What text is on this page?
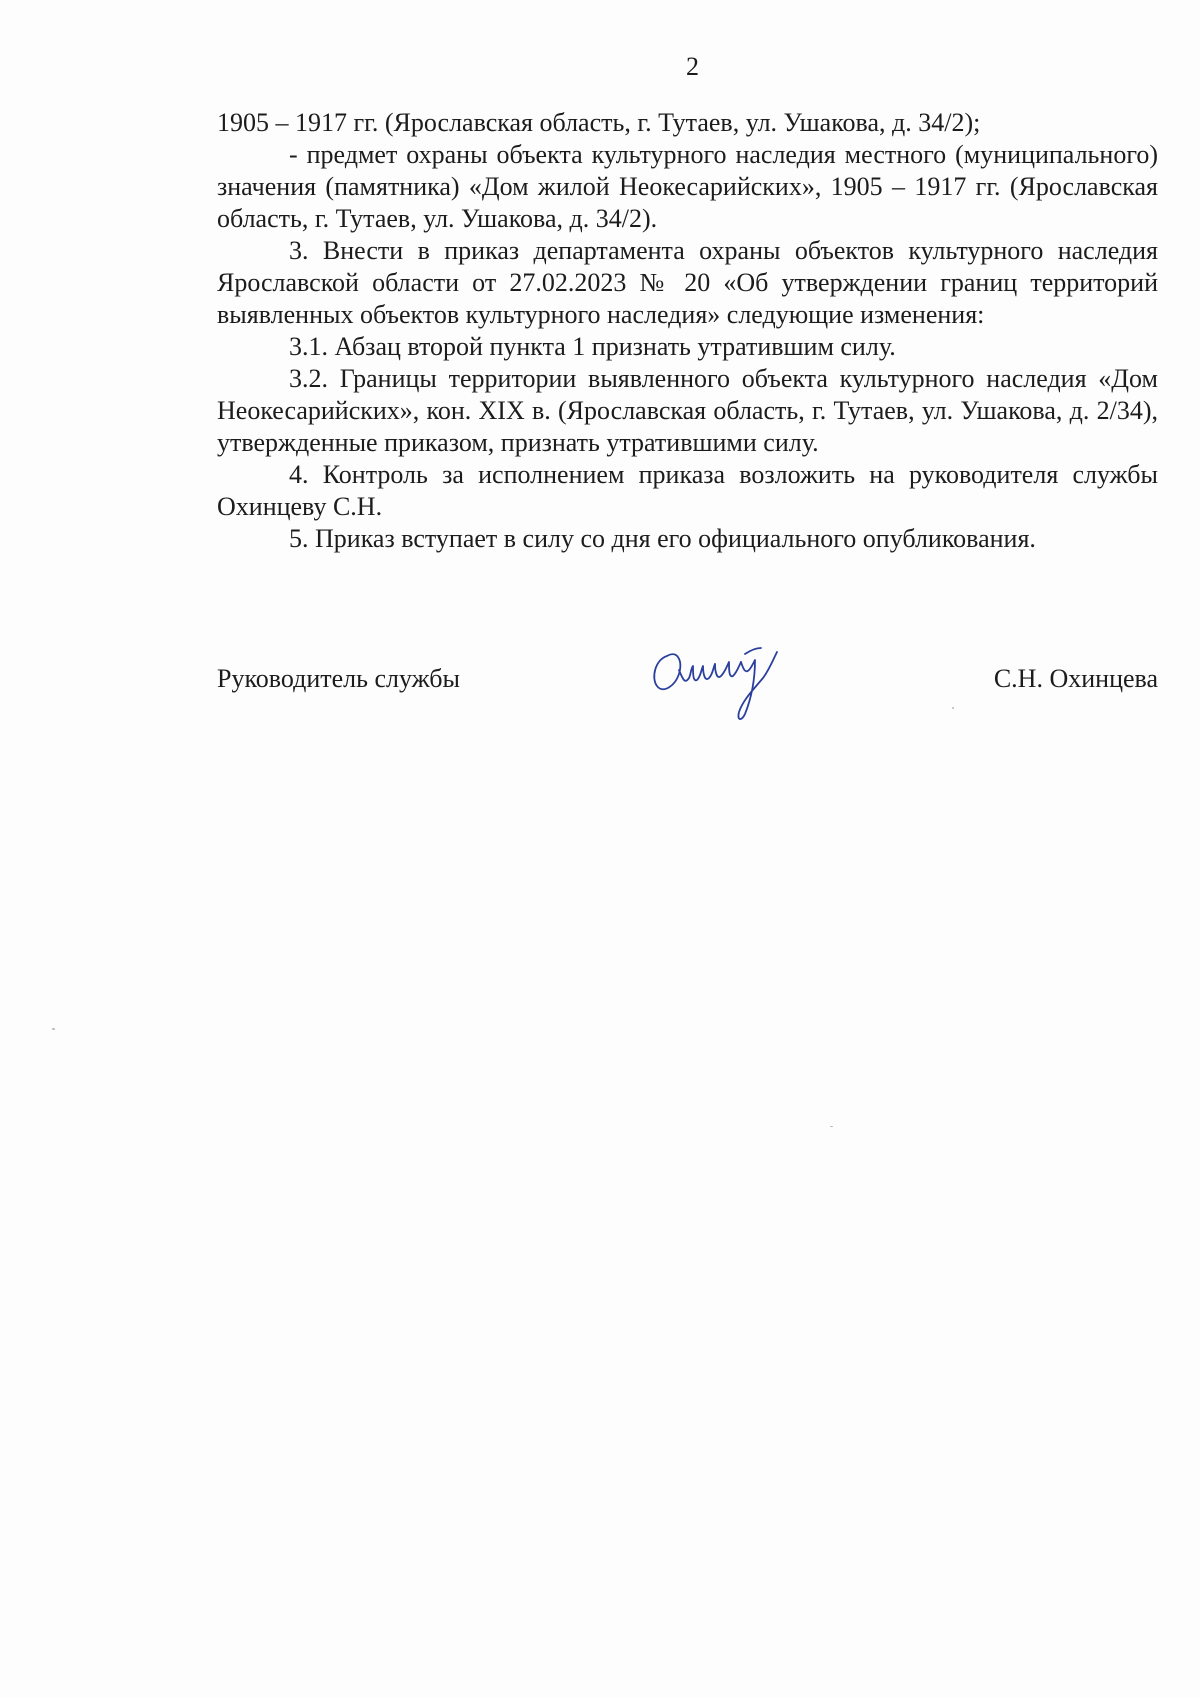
2

1905 – 1917 гг. (Ярославская область, г. Тутаев, ул. Ушакова, д. 34/2);

- предмет охраны объекта культурного наследия местного (муниципального) значения (памятника) «Дом жилой Неокесарийских», 1905 – 1917 гг. (Ярославская область, г. Тутаев, ул. Ушакова, д. 34/2).

3. Внести в приказ департамента охраны объектов культурного наследия Ярославской области от 27.02.2023 № 20 «Об утверждении границ территорий выявленных объектов культурного наследия» следующие изменения:

3.1. Абзац второй пункта 1 признать утратившим силу.

3.2. Границы территории выявленного объекта культурного наследия «Дом Неокесарийских», кон. XIX в. (Ярославская область, г. Тутаев, ул. Ушакова, д. 2/34), утвержденные приказом, признать утратившими силу.

4. Контроль за исполнением приказа возложить на руководителя службы Охинцеву С.Н.

5. Приказ вступает в силу со дня его официального опубликования.

Руководитель службы	С.Н. Охинцева
